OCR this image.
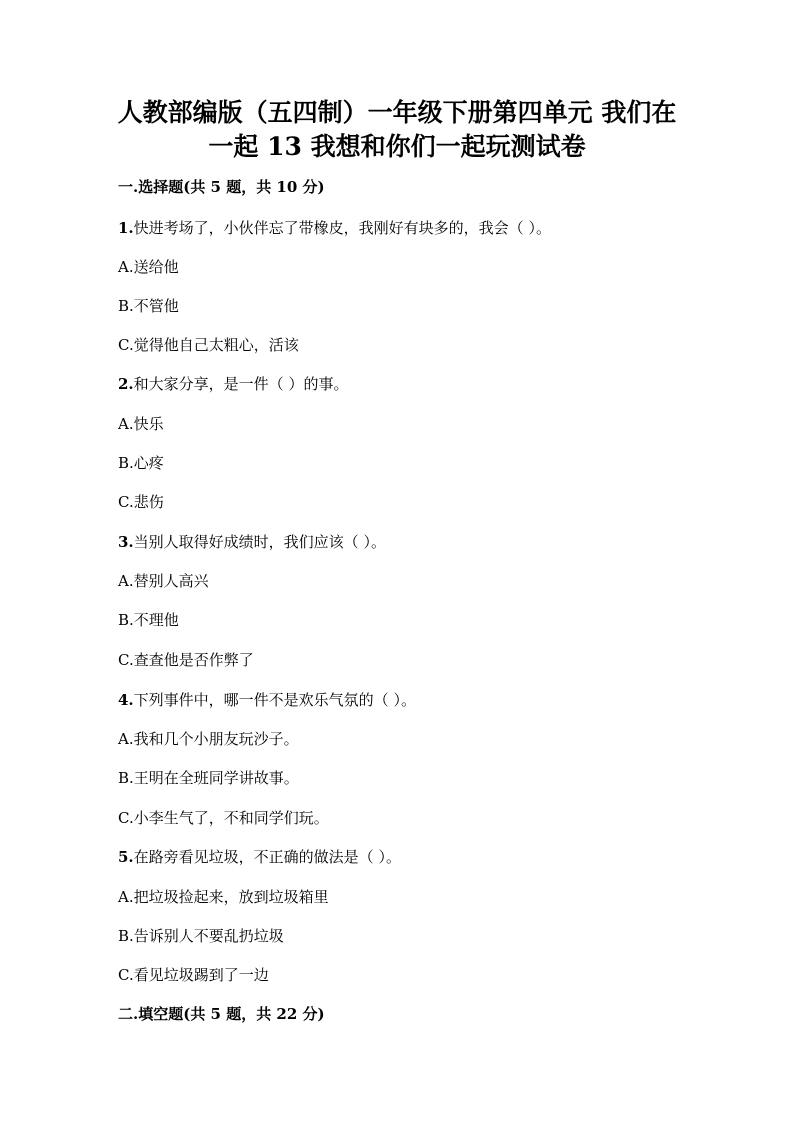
人教部编版（五四制）一年级下册第四单元 我们在
一起 13 我想和你们一起玩测试卷
一.选择题(共 5 题，共 10 分)
1.快进考场了，小伙伴忘了带橡皮，我刚好有块多的，我会（ ）。
A.送给他
B.不管他
C.觉得他自己太粗心，活该
2.和大家分享，是一件（ ）的事。
A.快乐
B.心疼
C.悲伤
3.当别人取得好成绩时，我们应该（ ）。
A.替别人高兴
B.不理他
C.查查他是否作弊了
4.下列事件中，哪一件不是欢乐气氛的（ ）。
A.我和几个小朋友玩沙子。
B.王明在全班同学讲故事。
C.小李生气了，不和同学们玩。
5.在路旁看见垃圾，不正确的做法是（ ）。
A.把垃圾捡起来，放到垃圾箱里
B.告诉别人不要乱扔垃圾
C.看见垃圾踢到了一边
二.填空题(共 5 题，共 22 分)
